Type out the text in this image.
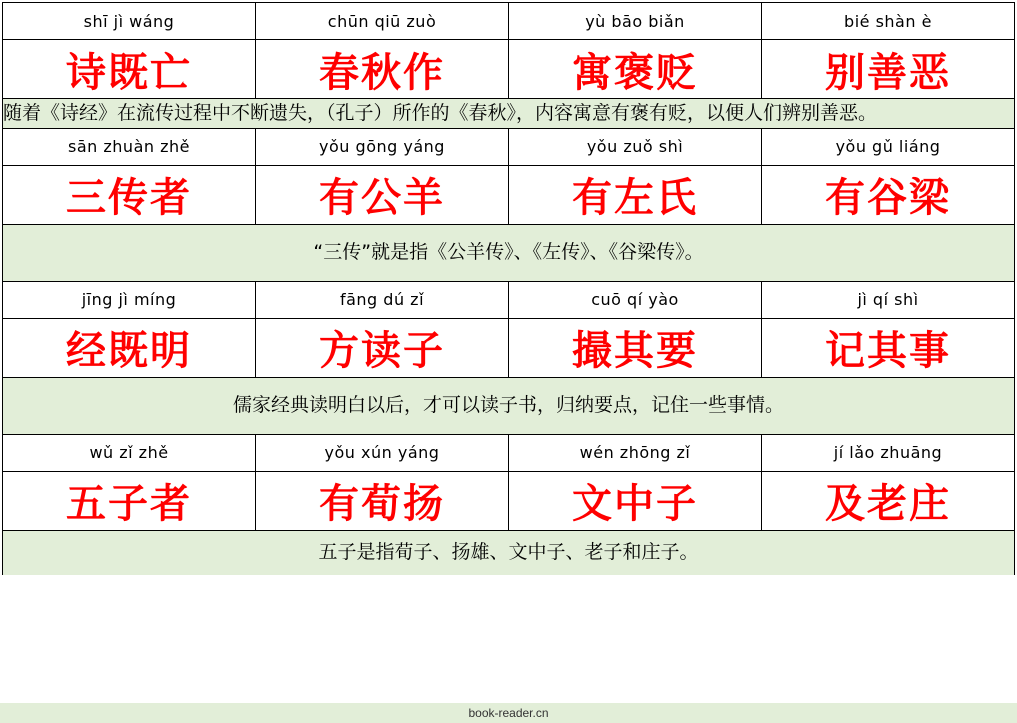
shī jì wáng	chūn qiū zuò	yù bāo biǎn	bié shàn è
诗既亡	春秋作	寓褒贬	别善恶
随着《诗经》在流传过程中不断遗失，（孔子）所作的《春秋》，内容寓意有褒有贬，以便人们辨别善恶。			
sān zhuàn zhě	yǒu gōng yáng	yǒu zuǒ shì	yǒu gǔ liáng
三传者	有公羊	有左氏	有谷梁
“三传”就是指《公羊传》、《左传》、《谷梁传》。			
jīng jì míng	fāng dú zǐ	cuō qí yào	jì qí shì
经既明	方读子	撮其要	记其事
儒家经典读明白以后，才可以读子书，归纳要点，记住一些事情。			
wǔ zǐ zhě	yǒu xún yáng	wén zhōng zǐ	jí lǎo zhuāng
五子者	有荀扬	文中子	及老庄
五子是指荀子、扬雄、文中子、老子和庄子。			
book-reader.cn
